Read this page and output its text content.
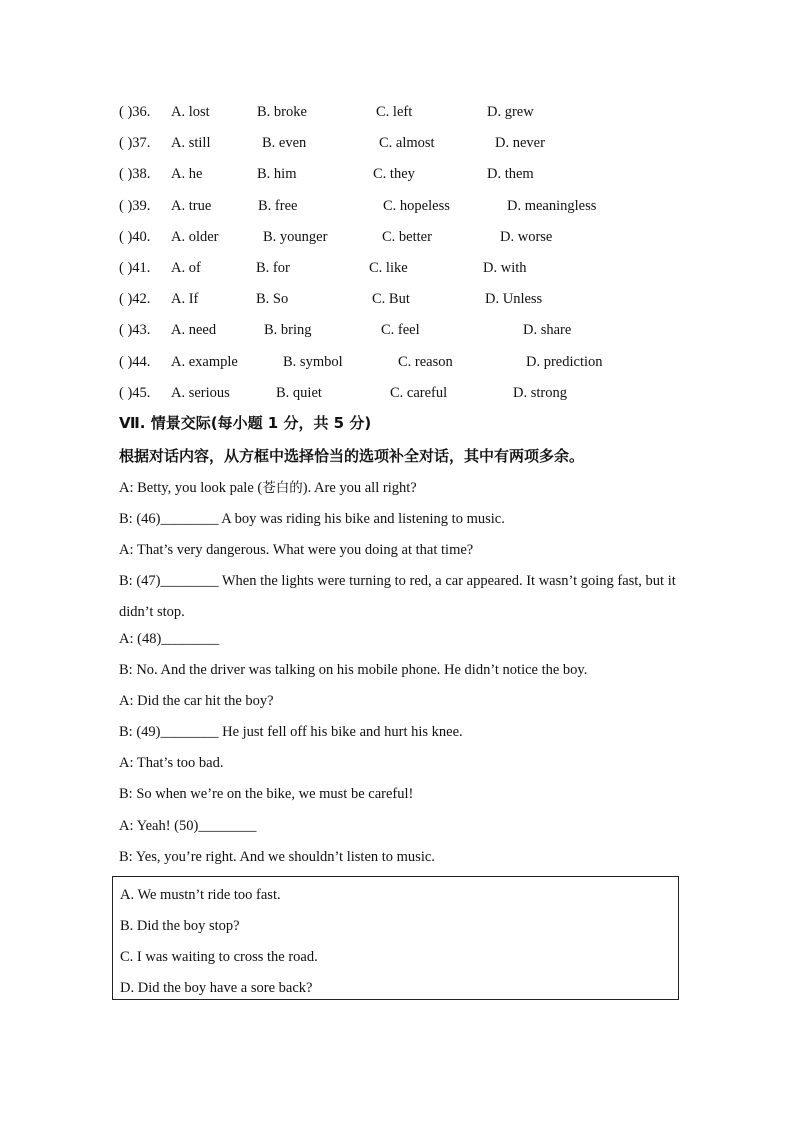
( )36. A. lost	B. broke	C. left	D. grew
( )37. A. still	B. even	C. almost	D. never
( )38. A. he	B. him	C. they	D. them
( )39. A. true	B. free	C. hopeless	D. meaningless
( )40. A. older	B. younger	C. better	D. worse
( )41. A. of	B. for	C. like	D. with
( )42. A. If	B. So	C. But	D. Unless
( )43. A. need	B. bring	C. feel	D. share
( )44. A. example	B. symbol	C. reason	D. prediction
( )45. A. serious	B. quiet	C. careful	D. strong
Ⅶ. 情景交际(每小题 1 分，共 5 分)
根据对话内容，从方框中选择恰当的选项补全对话，其中有两项多余。
A: Betty, you look pale (苍白的). Are you all right?
B: (46)________ A boy was riding his bike and listening to music.
A: That’s very dangerous. What were you doing at that time?
B: (47)________ When the lights were turning to red, a car appeared. It wasn’t going fast, but it didn’t stop.
A: (48)________
B: No. And the driver was talking on his mobile phone. He didn’t notice the boy.
A: Did the car hit the boy?
B: (49)________ He just fell off his bike and hurt his knee.
A: That’s too bad.
B: So when we’re on the bike, we must be careful!
A: Yeah! (50)________
B: Yes, you’re right. And we shouldn’t listen to music.
A. We mustn’t ride too fast.
B. Did the boy stop?
C. I was waiting to cross the road.
D. Did the boy have a sore back?
